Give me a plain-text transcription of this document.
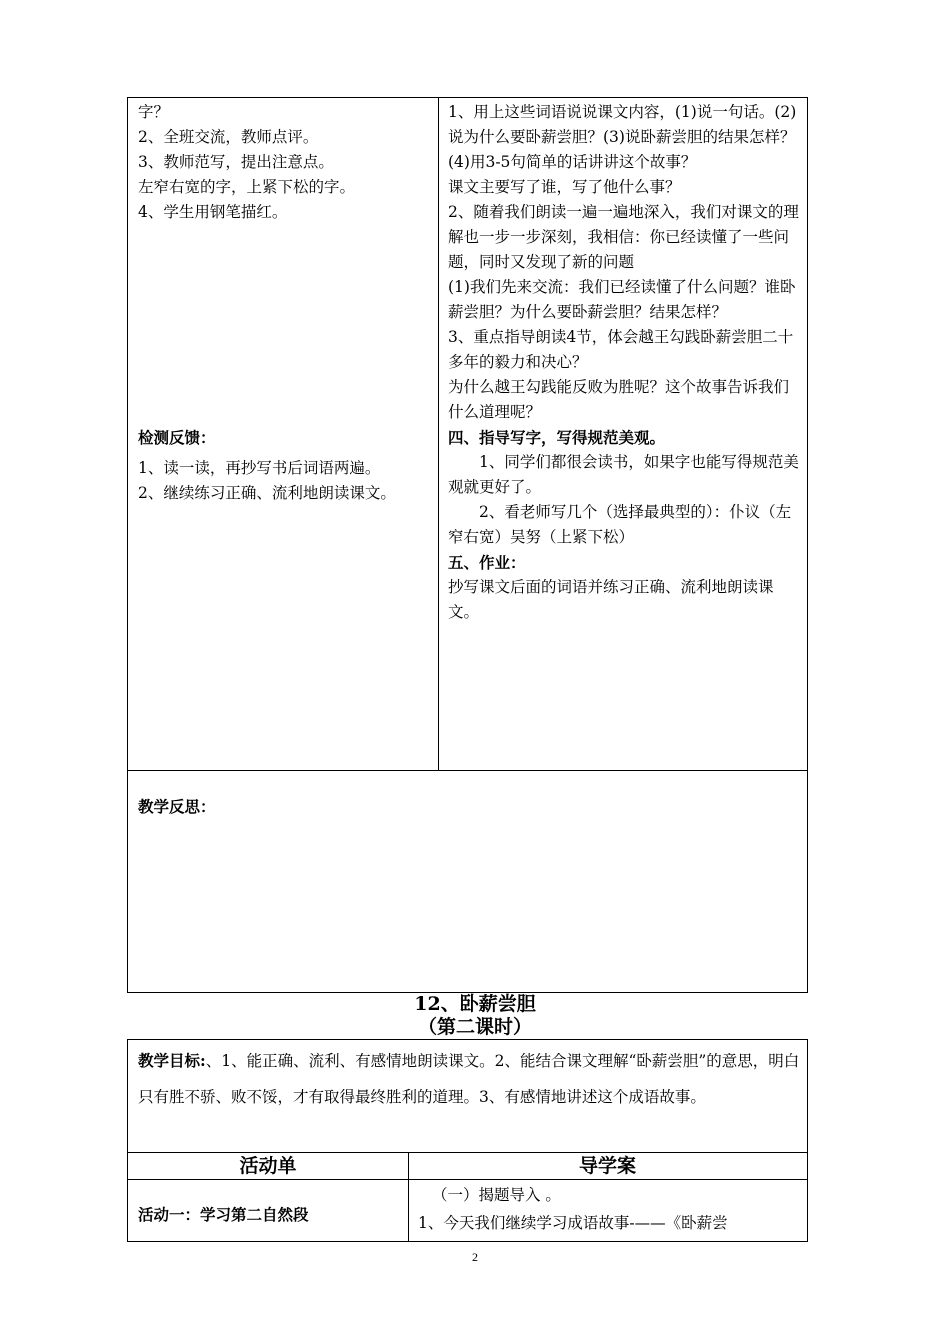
字？
2、全班交流，教师点评。
3、教师范写，提出注意点。
左窄右宽的字，上紧下松的字。
4、学生用钢笔描红。
检测反馈：
1、读一读，再抄写书后词语两遍。
2、继续练习正确、流利地朗读课文。
1、用上这些词语说说课文内容，(1)说一句话。(2)说为什么要卧薪尝胆？(3)说卧薪尝胆的结果怎样？(4)用3-5句简单的话讲讲这个故事？
课文主要写了谁，写了他什么事？
2、随着我们朗读一遍一遍地深入，我们对课文的理解也一步一步深刻，我相信：你已经读懂了一些问题，同时又发现了新的问题
(1)我们先来交流：我们已经读懂了什么问题？谁卧薪尝胆？为什么要卧薪尝胆？结果怎样？
3、重点指导朗读4节，体会越王勾践卧薪尝胆二十多年的毅力和决心？
为什么越王勾践能反败为胜呢？这个故事告诉我们什么道理呢？
四、指导写字，写得规范美观。
1、同学们都很会读书，如果字也能写得规范美观就更好了。
2、看老师写几个（选择最典型的）：仆议（左窄右宽）吴努（上紧下松）
五、作业：
抄写课文后面的词语并练习正确、流利地朗读课文。
教学反思：
12、卧薪尝胆
（第二课时）
教学目标:、1、能正确、流利、有感情地朗读课文。2、能结合课文理解“卧薪尝胆”的意思，明白只有胜不骄、败不馁，才有取得最终胜利的道理。3、有感情地讲述这个成语故事。
活动单	导学案
活动一：学习第二自然段
（一）揭题导入 。
1、今天我们继续学习成语故事-——《卧薪尝
2
